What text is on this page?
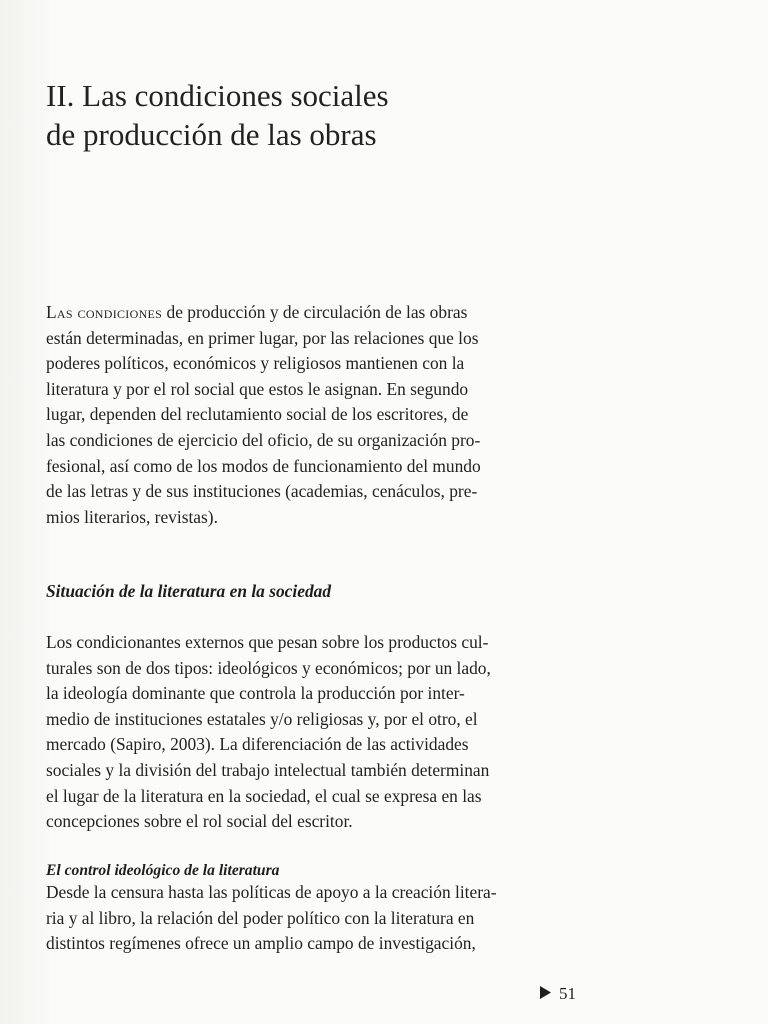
II. Las condiciones sociales
de producción de las obras
Las condiciones de producción y de circulación de las obras
están determinadas, en primer lugar, por las relaciones que los
poderes políticos, económicos y religiosos mantienen con la
literatura y por el rol social que estos le asignan. En segundo
lugar, dependen del reclutamiento social de los escritores, de
las condiciones de ejercicio del oficio, de su organización pro-
fesional, así como de los modos de funcionamiento del mundo
de las letras y de sus instituciones (academias, cenáculos, pre-
mios literarios, revistas).
Situación de la literatura en la sociedad
Los condicionantes externos que pesan sobre los productos cul-
turales son de dos tipos: ideológicos y económicos; por un lado,
la ideología dominante que controla la producción por inter-
medio de instituciones estatales y/o religiosas y, por el otro, el
mercado (Sapiro, 2003). La diferenciación de las actividades
sociales y la división del trabajo intelectual también determinan
el lugar de la literatura en la sociedad, el cual se expresa en las
concepciones sobre el rol social del escritor.
El control ideológico de la literatura
Desde la censura hasta las políticas de apoyo a la creación litera-
ria y al libro, la relación del poder político con la literatura en
distintos regímenes ofrece un amplio campo de investigación,
51
